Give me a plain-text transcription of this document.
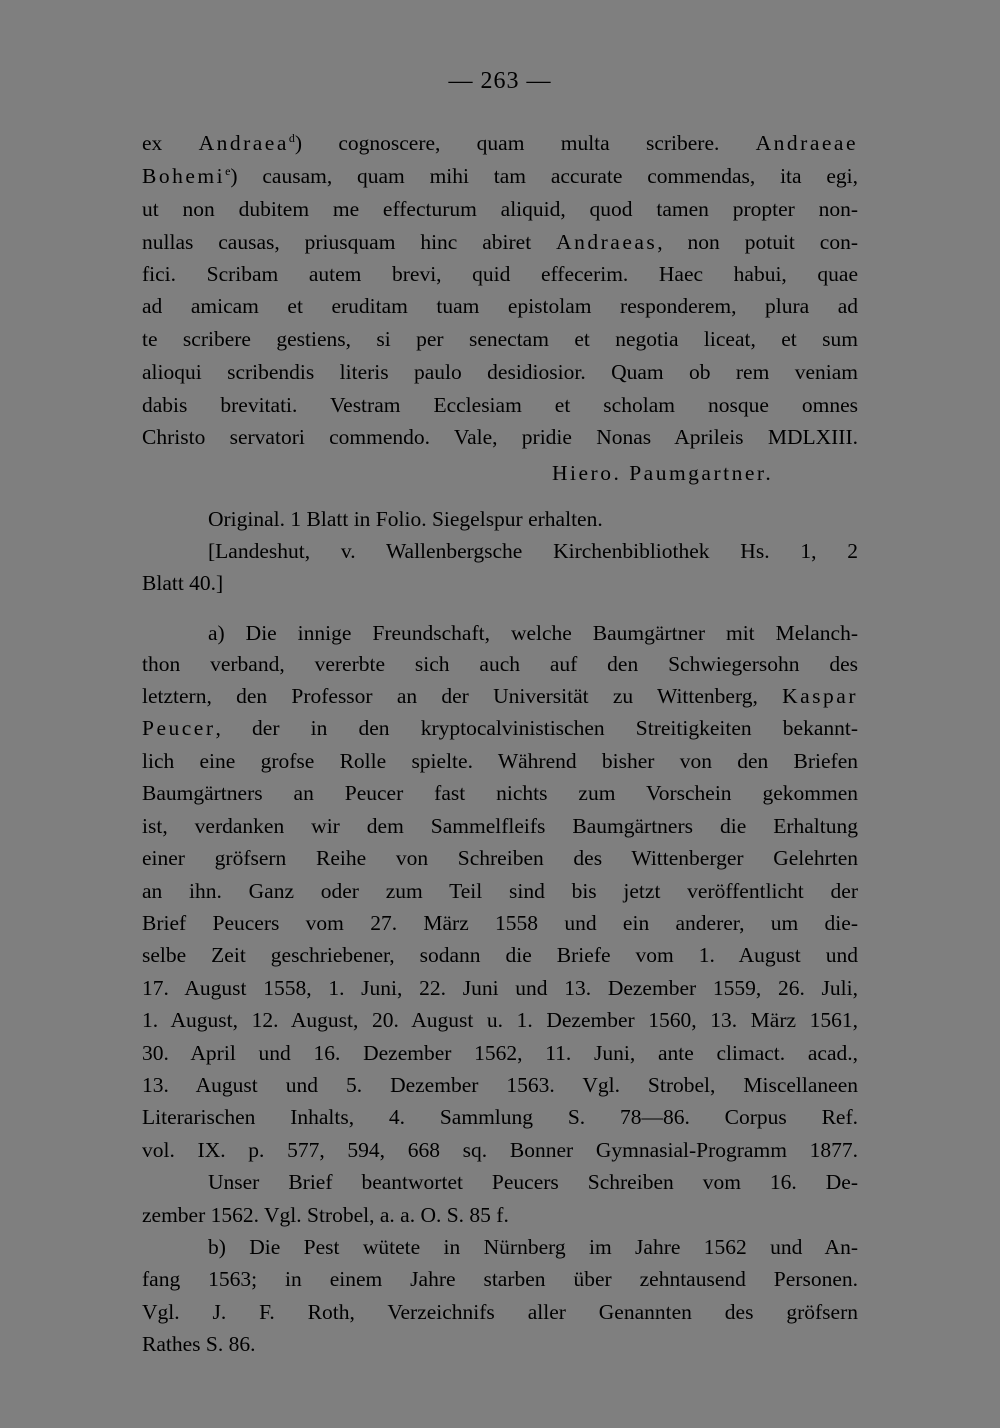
— 263 —
ex Andraea$^d$) cognoscere, quam multa scribere. Andraeae
Bohemi$^e$) causam, quam mihi tam accurate commendas, ita egi,
ut non dubitem me effecturum aliquid, quod tamen propter non-
nullas causas, priusquam hinc abiret Andraeas, non potuit con-
fici. Scribam autem brevi, quid effecerim. Haec habui, quae
ad amicam et eruditam tuam epistolam responderem, plura ad
te scribere gestiens, si per senectam et negotia liceat, et sum
alioqui scribendis literis paulo desidiosior. Quam ob rem veniam
dabis brevitati. Vestram Ecclesiam et scholam nosque omnes
Christo servatori commendo. Vale, pridie Nonas Aprileis MDLXIII.
Hiero. Paumgartner.
Original. 1 Blatt in Folio. Siegelspur erhalten.
[Landeshut, v. Wallenbergsche Kirchenbibliothek Hs. 1, 2
Blatt 40.]
a) Die innige Freundschaft, welche Baumgärtner mit Melanch-
thon verband, vererbte sich auch auf den Schwiegersohn des
letztern, den Professor an der Universität zu Wittenberg, Kaspar
Peucer, der in den kryptocalvinistischen Streitigkeiten bekannt-
lich eine grofse Rolle spielte. Während bisher von den Briefen
Baumgärtners an Peucer fast nichts zum Vorschein gekommen
ist, verdanken wir dem Sammelfleifs Baumgärtners die Erhaltung
einer gröfsern Reihe von Schreiben des Wittenberger Gelehrten
an ihn. Ganz oder zum Teil sind bis jetzt veröffentlicht der
Brief Peucers vom 27. März 1558 und ein anderer, um die-
selbe Zeit geschriebener, sodann die Briefe vom 1. August und
17. August 1558, 1. Juni, 22. Juni und 13. Dezember 1559, 26. Juli,
1. August, 12. August, 20. August u. 1. Dezember 1560, 13. März 1561,
30. April und 16. Dezember 1562, 11. Juni, ante climact. acad.,
13. August und 5. Dezember 1563. Vgl. Strobel, Miscellaneen
Literarischen Inhalts, 4. Sammlung S. 78—86. Corpus Ref.
vol. IX. p. 577, 594, 668 sq. Bonner Gymnasial-Programm 1877.
Unser Brief beantwortet Peucers Schreiben vom 16. De-
zember 1562. Vgl. Strobel, a. a. O. S. 85 f.
b) Die Pest wütete in Nürnberg im Jahre 1562 und An-
fang 1563; in einem Jahre starben über zehntausend Personen.
Vgl. J. F. Roth, Verzeichnifs aller Genannten des gröfsern
Rathes S. 86.
